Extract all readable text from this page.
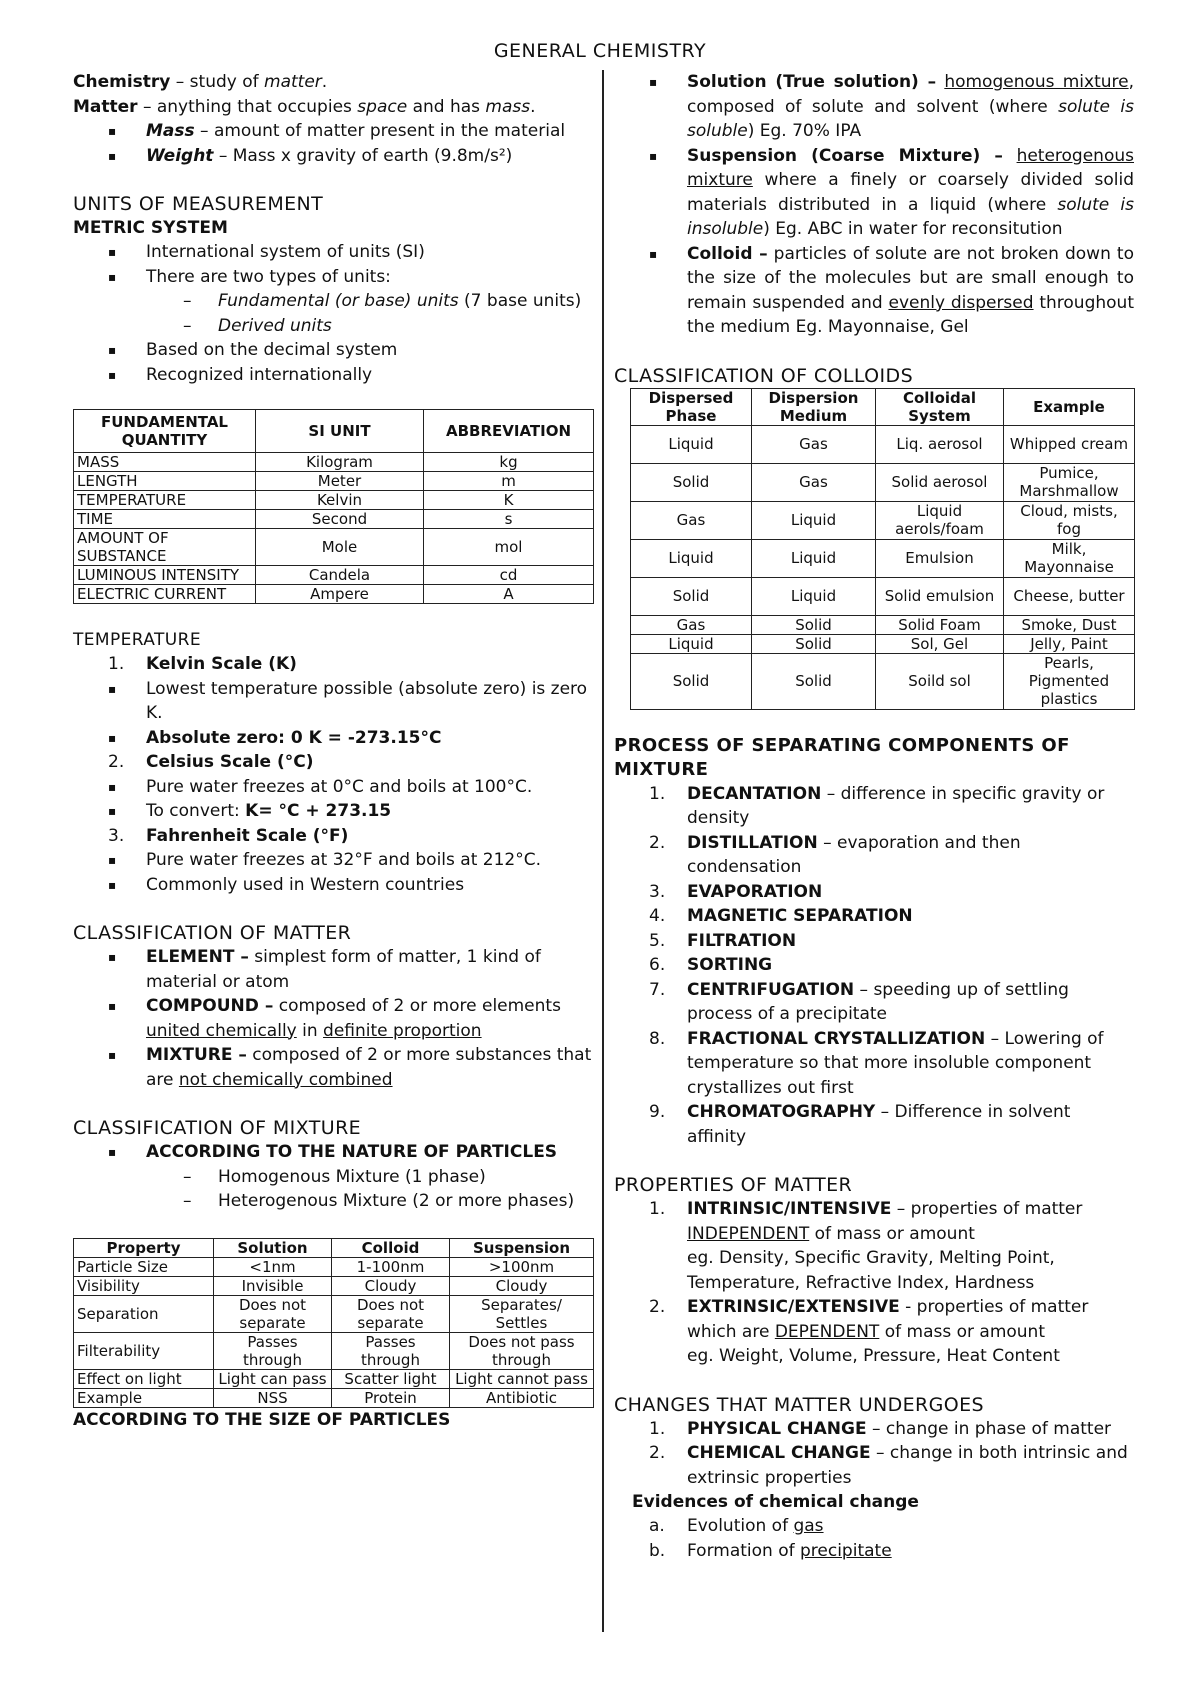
GENERAL CHEMISTRY

Chemistry – study of matter.

Matter – anything that occupies space and has mass.

▪ Mass – amount of matter present in the material
▪ Weight – Mass x gravity of earth (9.8m/s²)
UNITS OF MEASUREMENT
METRIC SYSTEM
▪ International system of units (SI)
▪ There are two types of units:
– Fundamental (or base) units (7 base units)
– Derived units
▪ Based on the decimal system
▪ Recognized internationally
FUNDAMENTAL QUANTITY	SI UNIT	ABBREVIATION
MASS	Kilogram	kg
LENGTH	Meter	m
TEMPERATURE	Kelvin	K
TIME	Second	s
AMOUNT OF SUBSTANCE	Mole	mol
LUMINOUS INTENSITY	Candela	cd
ELECTRIC CURRENT	Ampere	A
TEMPERATURE
1. Kelvin Scale (K)
▪ Lowest temperature possible (absolute zero) is zero K.
▪ Absolute zero: 0 K = -273.15°C
2. Celsius Scale (°C)
▪ Pure water freezes at 0°C and boils at 100°C.
▪ To convert: K= °C + 273.15
3. Fahrenheit Scale (°F)
▪ Pure water freezes at 32°F and boils at 212°C.
▪ Commonly used in Western countries
CLASSIFICATION OF MATTER
▪ ELEMENT – simplest form of matter, 1 kind of material or atom
▪ COMPOUND – composed of 2 or more elements united chemically in definite proportion
▪ MIXTURE – composed of 2 or more substances that are not chemically combined
CLASSIFICATION OF MIXTURE
▪ ACCORDING TO THE NATURE OF PARTICLES
– Homogenous Mixture (1 phase)
– Heterogenous Mixture (2 or more phases)
Property	Solution	Colloid	Suspension
Particle Size	<1nm	1-100nm	>100nm
Visibility	Invisible	Cloudy	Cloudy
Separation	Does not separate	Does not separate	Separates/ Settles
Filterability	Passes through	Passes through	Does not pass through
Effect on light	Light can pass	Scatter light	Light cannot pass
Example	NSS	Protein	Antibiotic
ACCORDING TO THE SIZE OF PARTICLES
▪ Solution (True solution) – homogenous mixture, composed of solute and solvent (where solute is soluble) Eg. 70% IPA
▪ Suspension (Coarse Mixture) – heterogenous mixture where a finely or coarsely divided solid materials distributed in a liquid (where solute is insoluble) Eg. ABC in water for reconsitution
▪ Colloid – particles of solute are not broken down to the size of the molecules but are small enough to remain suspended and evenly dispersed throughout the medium Eg. Mayonnaise, Gel
CLASSIFICATION OF COLLOIDS
Dispersed Phase	Dispersion Medium	Colloidal System	Example
Liquid	Gas	Liq. aerosol	Whipped cream
Solid	Gas	Solid aerosol	Pumice, Marshmallow
Gas	Liquid	Liquid aerols/foam	Cloud, mists, fog
Liquid	Liquid	Emulsion	Milk, Mayonnaise
Solid	Liquid	Solid emulsion	Cheese, butter
Gas	Solid	Solid Foam	Smoke, Dust
Liquid	Solid	Sol, Gel	Jelly, Paint
Solid	Solid	Soild sol	Pearls, Pigmented plastics
PROCESS OF SEPARATING COMPONENTS OF MIXTURE
1. DECANTATION – difference in specific gravity or density
2. DISTILLATION – evaporation and then condensation
3. EVAPORATION
4. MAGNETIC SEPARATION
5. FILTRATION
6. SORTING
7. CENTRIFUGATION – speeding up of settling process of a precipitate
8. FRACTIONAL CRYSTALLIZATION – Lowering of temperature so that more insoluble component crystallizes out first
9. CHROMATOGRAPHY – Difference in solvent affinity
PROPERTIES OF MATTER
1. INTRINSIC/INTENSIVE – properties of matter INDEPENDENT of mass or amount
eg. Density, Specific Gravity, Melting Point, Temperature, Refractive Index, Hardness
2. EXTRINSIC/EXTENSIVE - properties of matter which are DEPENDENT of mass or amount
eg. Weight, Volume, Pressure, Heat Content
CHANGES THAT MATTER UNDERGOES
1. PHYSICAL CHANGE – change in phase of matter
2. CHEMICAL CHANGE – change in both intrinsic and extrinsic properties
Evidences of chemical change
a. Evolution of gas
b. Formation of precipitate
